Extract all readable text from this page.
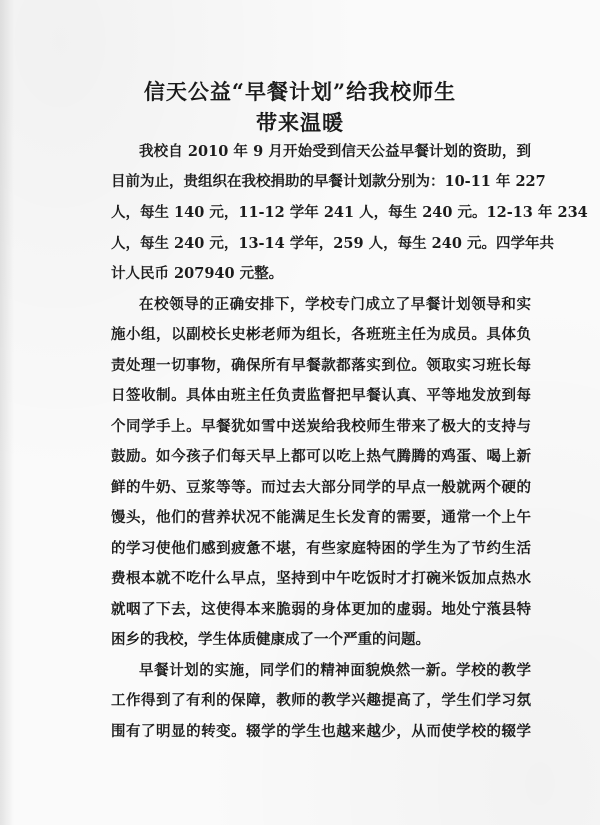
信天公益“早餐计划”给我校师生
带来温暖
我校自 2010 年 9 月开始受到信天公益早餐计划的资助，到
目前为止，贵组织在我校捐助的早餐计划款分别为：10-11 年 227
人，每生 140 元，11-12 学年 241 人，每生 240 元。12-13 年 234
人，每生 240 元，13-14 学年，259 人，每生 240 元。四学年共
计人民币 207940 元整。
在校领导的正确安排下，学校专门成立了早餐计划领导和实
施小组，以副校长史彬老师为组长，各班班主任为成员。具体负
责处理一切事物，确保所有早餐款都落实到位。领取实习班长每
日签收制。具体由班主任负责监督把早餐认真、平等地发放到每
个同学手上。早餐犹如雪中送炭给我校师生带来了极大的支持与
鼓励。如今孩子们每天早上都可以吃上热气腾腾的鸡蛋、喝上新
鲜的牛奶、豆浆等等。而过去大部分同学的早点一般就两个硬的
馒头，他们的营养状况不能满足生长发育的需要，通常一个上午
的学习使他们感到疲惫不堪，有些家庭特困的学生为了节约生活
费根本就不吃什么早点，坚持到中午吃饭时才打碗米饭加点热水
就咽了下去，这使得本来脆弱的身体更加的虚弱。地处宁蒗县特
困乡的我校，学生体质健康成了一个严重的问题。
早餐计划的实施，同学们的精神面貌焕然一新。学校的教学
工作得到了有利的保障，教师的教学兴趣提高了，学生们学习氛
围有了明显的转变。辍学的学生也越来越少，从而使学校的辍学
